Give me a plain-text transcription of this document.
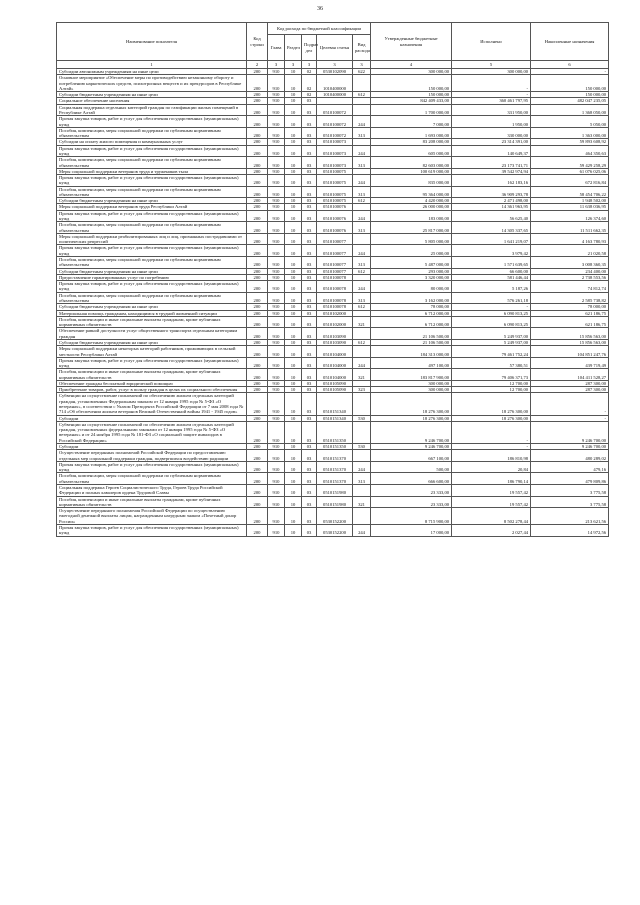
36
Наименование показателя	Код строки	Код расхода по бюджетной классификации					Утвержденные бюджетные назначения	Исполнено	Накопленные назначения
		Глава	Раздел	Подраз дел	Целевая статья	Вид расхода			
1	2	3	3	3	3	3	4	5	6
Субсидии автономным учреждениям на иные цели	200	910	10	02	0530102090	622	300 000,00	300 000,00	-
Основное мероприятие «Обеспечение меры по противодействию незаконному обороту и потреблению наркотических средств, психотропных веществ и их прекурсоров в Республике Алтай»	200	910	10	02	1010400000		150 000,00	-	150 000,00
Субсидии бюджетным учреждениям на иные цели	200	910	10	02	1010400000	612	150 000,00	-	150 000,00
Социальное обеспечение населения	200	910	10	03			842 409 433,00	360 461 797,95	482 047 235,05
Социальная поддержка отдельных категорий граждан по газификации жилых помещений в Республике Алтай	200	910	10	03	0510100072		1 700 000,00	331 950,00	1 368 050,00
Прочая закупка товаров, работ и услуг для обеспечения государственных (муниципальных) нужд	200	910	10	03	0510100072	244	7 000,00	1 950,00	5 050,00
Пособия, компенсации, меры социальной поддержки по публичным нормативным обязательствам	200	910	10	03	0510100072	313	1 693 000,00	330 000,00	1 363 000,00
Субсидии на оплату жилого помещения и коммунальных услуг	200	910	10	03	0510100073		83 208 000,00	23 314 391,00	59 893 608,92
Прочая закупка товаров, работ и услуг для обеспечения государственных (муниципальных) нужд	200	910	10	03	0510100073	244	605 000,00	140 649,37	464 350,63
Пособия, компенсации, меры социальной поддержки по публичным нормативным обязательствам	200	910	10	03	0510100073	313	82 603 000,00	23 173 741,71	59 429 258,29
Меры социальной поддержки ветеранов труда и тружеников тыла	200	910	10	03	0510100075		100 619 000,00	39 542 974,94	61 076 025,06
Прочая закупка товаров, работ и услуг для обеспечения государственных (муниципальных) нужд	200	910	10	03	0510100075	244	835 000,00	162 183,16	672 816,84
Пособия, компенсации, меры социальной поддержки по публичным нормативным обязательствам	200	910	10	03	0510100075	313	95 364 000,00	36 909 293,78	58 454 706,22
Субсидии бюджетным учреждениям на иные цели	200	910	10	03	0510100075	612	4 420 000,00	2 471 498,00	1 948 502,00
Меры социальной поддержки ветеранов труда Республики Алтай	200	910	10	03	0510100076		26 000 000,00	14 361 963,95	11 638 036,95
Прочая закупка товаров, работ и услуг для обеспечения государственных (муниципальных) нужд	200	910	10	03	0510100076	244	183 000,00	56 625,40	126 374,60
Пособия, компенсации, меры социальной поддержки по публичным нормативным обязательствам	200	910	10	03	0510100076	313	25 817 000,00	14 305 337,65	11 511 662,35
Меры социальной поддержки реабилитированных лиц и лиц, признанных пострадавшими от политических репрессий	200	910	10	03	0510100077		5 805 000,00	1 641 219,07	4 163 780,93
Прочая закупка товаров, работ и услуг для обеспечения государственных (муниципальных) нужд	200	910	10	03	0510100077	244	25 000,00	3 979,42	21 020,58
Пособия, компенсации, меры социальной поддержки по публичным нормативным обязательствам	200	910	10	03	0510100077	313	5 487 000,00	1 571 639,65	3 008 360,35
Субсидии бюджетным учреждениям на иные цели	200	910	10	03	0510100077	612	293 000,00	66 600,00	234 400,00
Предоставление гарантированных услуг по погребению	200	910	10	03	0510100078		3 320 000,00	581 446,44	2 738 553,56
Прочая закупка товаров, работ и услуг для обеспечения государственных (муниципальных) нужд	200	910	10	03	0510100078	244	80 000,00	5 187,26	74 812,74
Пособия, компенсации, меры социальной поддержки по публичным нормативным обязательствам	200	910	10	03	0510100078	313	3 162 000,00	576 261,18	2 585 738,82
Субсидии бюджетным учреждениям на иные цели	200	910	10	03	0510100078	612	78 000,00	-	78 000,00
Материальная помощь гражданам, находящимся в трудной жизненной ситуации	200	910	10	03	0510102000		6 712 000,00	6 090 813,25	621 186,75
Пособия, компенсации и иные социальные выплаты гражданам, кроме публичных нормативных обязательств	200	910	10	03	0510102000	321	6 712 000,00	6 090 813,25	621 186,75
Обеспечение равной доступности услуг общественного транспорта отдельным категориям граждан	200	910	10	03	0510103090		21 106 500,00	5 249 937,00	15 856 563,00
Субсидии бюджетным учреждениям на иные цели	200	910	10	03	0510103090	612	21 106 500,00	5 249 937,00	15 856 563,00
Меры социальной поддержки некоторых категорий работников, проживающих в сельской местности Республики Алтай	200	910	10	03	0510104000		184 313 000,00	79 461 752,24	104 851 247,76
Прочая закупка товаров, работ и услуг для обеспечения государственных (муниципальных) нужд	200	910	10	03	0510104000	244	497 100,00	57 380,51	439 719,49
Пособия, компенсации и иные социальные выплаты гражданам, кроме публичных нормативных обязательств	200	910	10	03	0510104000	321	183 817 900,00	79 406 371,73	104 411 528,27
Обеспечение граждан бесплатной юридической помощью	200	910	10	03	0510105090		300 000,00	12 700,00	287 300,00
Приобретение товаров, работ, услуг в пользу граждан в целях их социального обеспечения	200	910	10	03	0510105090	323	300 000,00	12 700,00	287 300,00
Субвенции на осуществление полномочий по обеспечению жильем отдельных категорий граждан, установленных Федеральным законом от 12 января 1995 года № 5-ФЗ «О ветеранах», в соответствии с Указом Президента Российской Федерации от 7 мая 2008 года № 714 «Об обеспечении жильем ветеранов Великой Отечественной войны 1941 - 1945 годов»	200	910	10	03	0510151340		18 276 300,00	18 276 300,00	-
Субсидии	200	910	10	03	0510151340	530	18 276 300,00	18 276 300,00	-
Субвенции на осуществление полномочий по обеспечению жильем отдельных категорий граждан, установленных федеральными законами от 12 января 1995 года № 5-ФЗ «О ветеранах» и от 24 ноября 1995 года № 181-ФЗ «О социальной защите инвалидов в Российской Федерации»	200	910	10	03	0510151350		9 246 700,00	-	9 246 700,00
Субсидии	200	910	10	03	0510151350	530	9 246 700,00	-	9 246 700,00
Осуществление переданных полномочий Российской Федерации по предоставлению отдельных мер социальной поддержки граждан, подвергшихся воздействию радиации	200	910	10	03	0510151370		667 100,00	186 810,98	480 289,02
Прочая закупка товаров, работ и услуг для обеспечения государственных (муниципальных) нужд	200	910	10	03	0510151370	244	500,00	20,84	479,16
Пособия, компенсации, меры социальной поддержки по публичным нормативным обязательствам	200	910	10	03	0510151370	313	666 600,00	186 790,14	479 809,86
Социальная поддержка Героев Социалистического Труда, Героев Труда Российской Федерации и полных кавалеров ордена Трудовой Славы	200	910	10	03	0510151980		23 333,00	19 557,42	3 775,58
Пособия, компенсации и иные социальные выплаты гражданам, кроме публичных нормативных обязательств	200	910	10	03	0510151980	321	23 333,00	19 557,42	3 775,58
Осуществление переданного полномочия Российской Федерации по осуществлению ежегодной денежной выплаты лицам, награжденным нагрудным знаком «Почетный донор России»	200	910	10	03	0530152200		8 715 900,00	8 502 278,44	213 621,56
Прочая закупка товаров, работ и услуг для обеспечения государственных (муниципальных) нужд	200	910	10	03	0530152200	244	17 000,00	2 027,44	14 972,56
